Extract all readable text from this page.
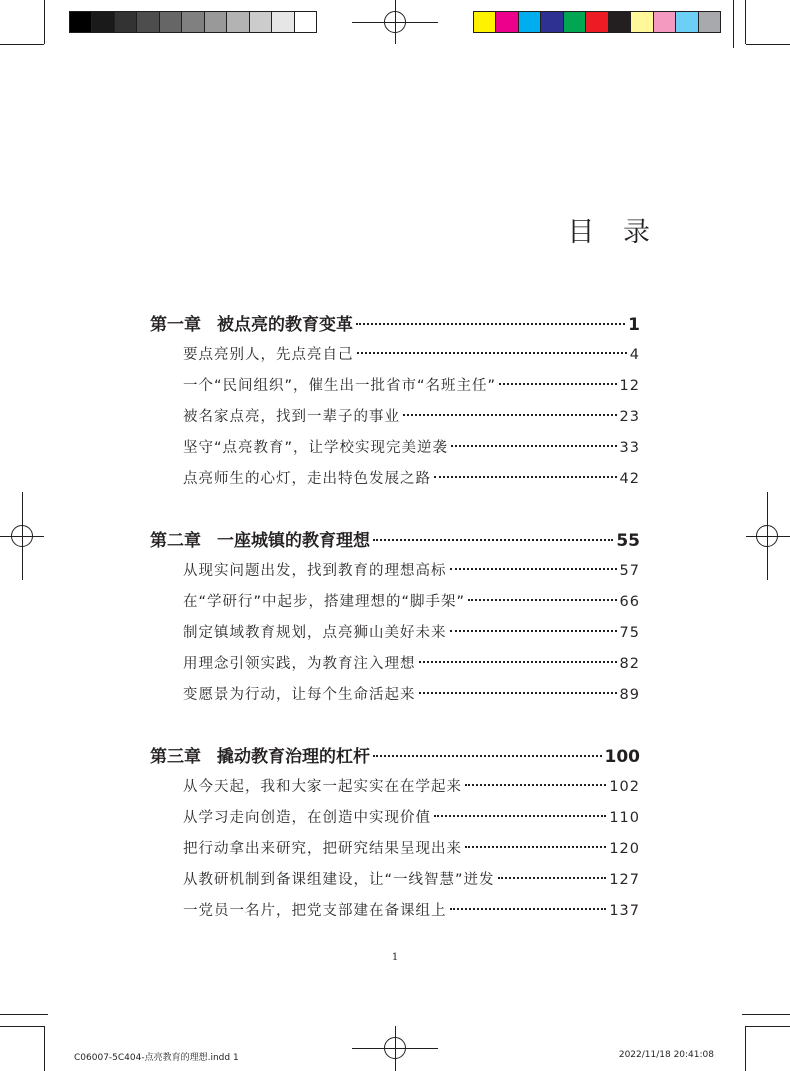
目 录
第一章 被点亮的教育变革	1
要点亮别人，先点亮自己	4
一个“民间组织”，催生出一批省市“名班主任”	12
被名家点亮，找到一辈子的事业	23
坚守“点亮教育”，让学校实现完美逆袭	33
点亮师生的心灯，走出特色发展之路	42
第二章 一座城镇的教育理想	55
从现实问题出发，找到教育的理想高标	57
在“学研行”中起步，搭建理想的“脚手架”	66
制定镇域教育规划，点亮狮山美好未来	75
用理念引领实践，为教育注入理想	82
变愿景为行动，让每个生命活起来	89
第三章 撬动教育治理的杠杆	100
从今天起，我和大家一起实实在在学起来	102
从学习走向创造，在创造中实现价值	110
把行动拿出来研究，把研究结果呈现出来	120
从教研机制到备课组建设，让“一线智慧”迸发	127
一党员一名片，把党支部建在备课组上	137
1
C06007-5C404-点亮教育的理想.indd 1	2022/11/18 20:41:08
